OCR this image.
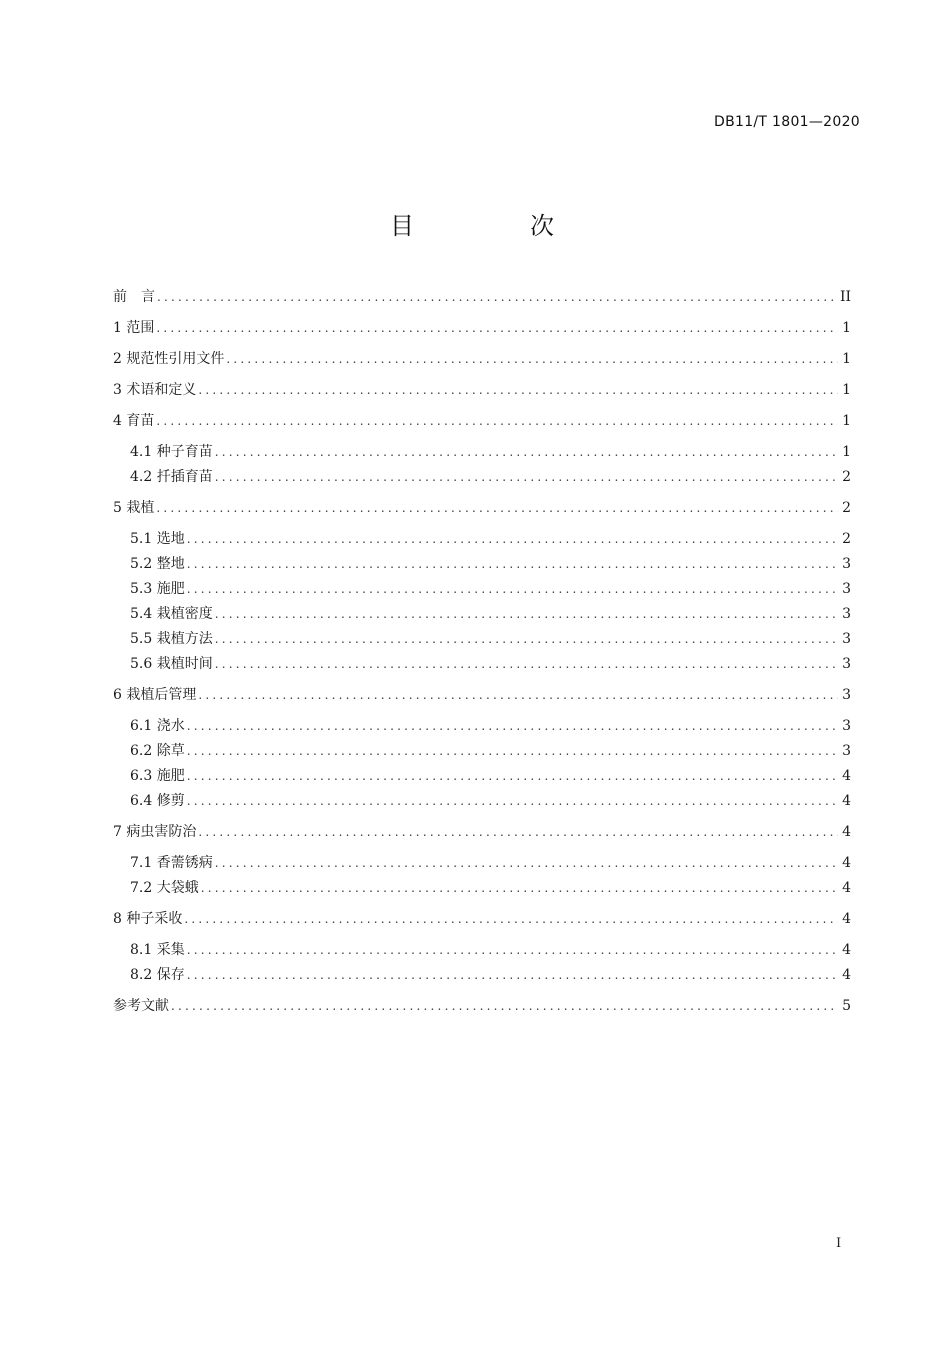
DB11/T 1801—2020
目　次
前　言 .....	II
1 范围 .....	1
2 规范性引用文件 .....	1
3 术语和定义 .....	1
4 育苗 .....	1
4.1 种子育苗 .....	1
4.2 扦插育苗 .....	2
5 栽植 .....	2
5.1 选地 .....	2
5.2 整地 .....	3
5.3 施肥 .....	3
5.4 栽植密度 .....	3
5.5 栽植方法 .....	3
5.6 栽植时间 .....	3
6 栽植后管理 .....	3
6.1 浇水 .....	3
6.2 除草 .....	3
6.3 施肥 .....	4
6.4 修剪 .....	4
7 病虫害防治 .....	4
7.1 香薷锈病 .....	4
7.2 大袋蛾 .....	4
8 种子采收 .....	4
8.1 采集 .....	4
8.2 保存 .....	4
参考文献 .....	5
I
